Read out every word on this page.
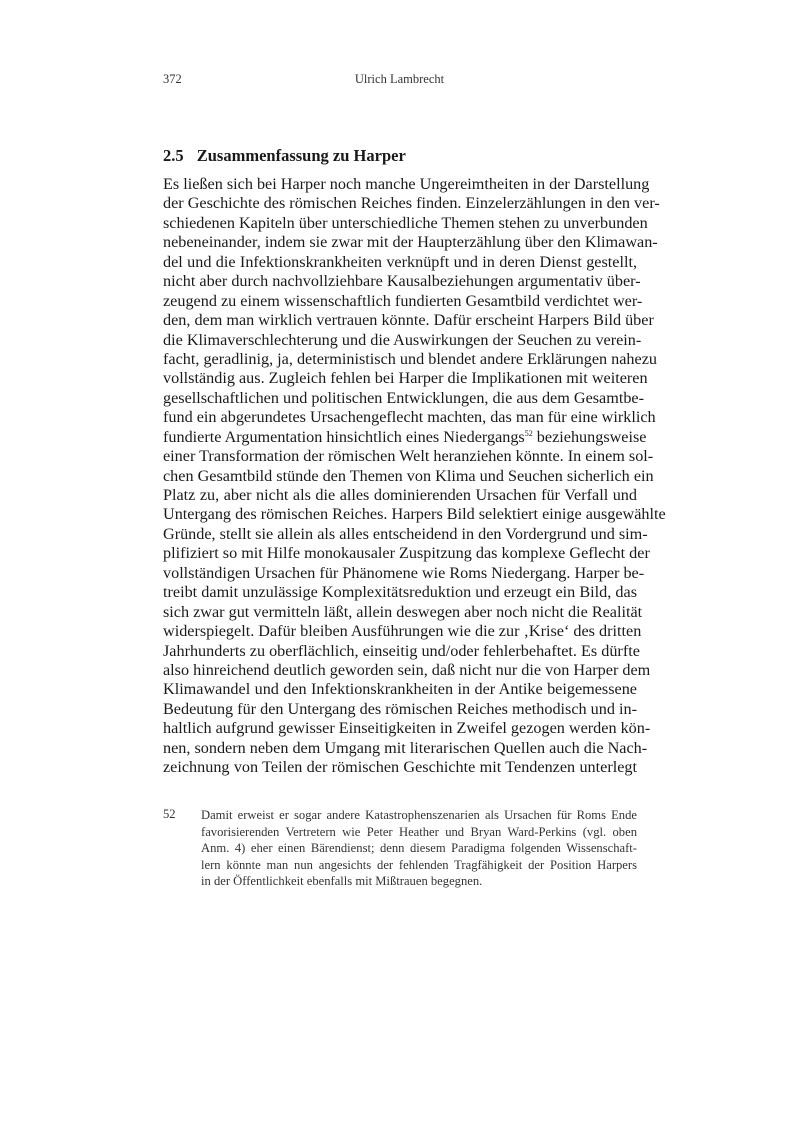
372	Ulrich Lambrecht
2.5 Zusammenfassung zu Harper
Es ließen sich bei Harper noch manche Ungereimtheiten in der Darstellung
der Geschichte des römischen Reiches finden. Einzelerzählungen in den ver-
schiedenen Kapiteln über unterschiedliche Themen stehen zu unverbunden
nebeneinander, indem sie zwar mit der Haupterzählung über den Klimawan-
del und die Infektionskrankheiten verknüpft und in deren Dienst gestellt,
nicht aber durch nachvollziehbare Kausalbeziehungen argumentativ über-
zeugend zu einem wissenschaftlich fundierten Gesamtbild verdichtet wer-
den, dem man wirklich vertrauen könnte. Dafür erscheint Harpers Bild über
die Klimaverschlechterung und die Auswirkungen der Seuchen zu verein-
facht, geradlinig, ja, deterministisch und blendet andere Erklärungen nahezu
vollständig aus. Zugleich fehlen bei Harper die Implikationen mit weiteren
gesellschaftlichen und politischen Entwicklungen, die aus dem Gesamtbe-
fund ein abgerundetes Ursachengeflecht machten, das man für eine wirklich
fundierte Argumentation hinsichtlich eines Niedergangs$^{52}$ beziehungsweise
einer Transformation der römischen Welt heranziehen könnte. In einem sol-
chen Gesamtbild stünde den Themen von Klima und Seuchen sicherlich ein
Platz zu, aber nicht als die alles dominierenden Ursachen für Verfall und
Untergang des römischen Reiches. Harpers Bild selektiert einige ausgewählte
Gründe, stellt sie allein als alles entscheidend in den Vordergrund und sim-
plifiziert so mit Hilfe monokausaler Zuspitzung das komplexe Geflecht der
vollständigen Ursachen für Phänomene wie Roms Niedergang. Harper be-
treibt damit unzulässige Komplexitätsreduktion und erzeugt ein Bild, das
sich zwar gut vermitteln läßt, allein deswegen aber noch nicht die Realität
widerspiegelt. Dafür bleiben Ausführungen wie die zur ‚Krise‘ des dritten
Jahrhunderts zu oberflächlich, einseitig und/oder fehlerbehaftet. Es dürfte
also hinreichend deutlich geworden sein, daß nicht nur die von Harper dem
Klimawandel und den Infektionskrankheiten in der Antike beigemessene
Bedeutung für den Untergang des römischen Reiches methodisch und in-
haltlich aufgrund gewisser Einseitigkeiten in Zweifel gezogen werden kön-
nen, sondern neben dem Umgang mit literarischen Quellen auch die Nach-
zeichnung von Teilen der römischen Geschichte mit Tendenzen unterlegt
52 Damit erweist er sogar andere Katastrophenszenarien als Ursachen für Roms Ende
favorisierenden Vertretern wie Peter Heather und Bryan Ward-Perkins (vgl. oben
Anm. 4) eher einen Bärendienst; denn diesem Paradigma folgenden Wissenschaft-
lern könnte man nun angesichts der fehlenden Tragfähigkeit der Position Harpers
in der Öffentlichkeit ebenfalls mit Mißtrauen begegnen.
